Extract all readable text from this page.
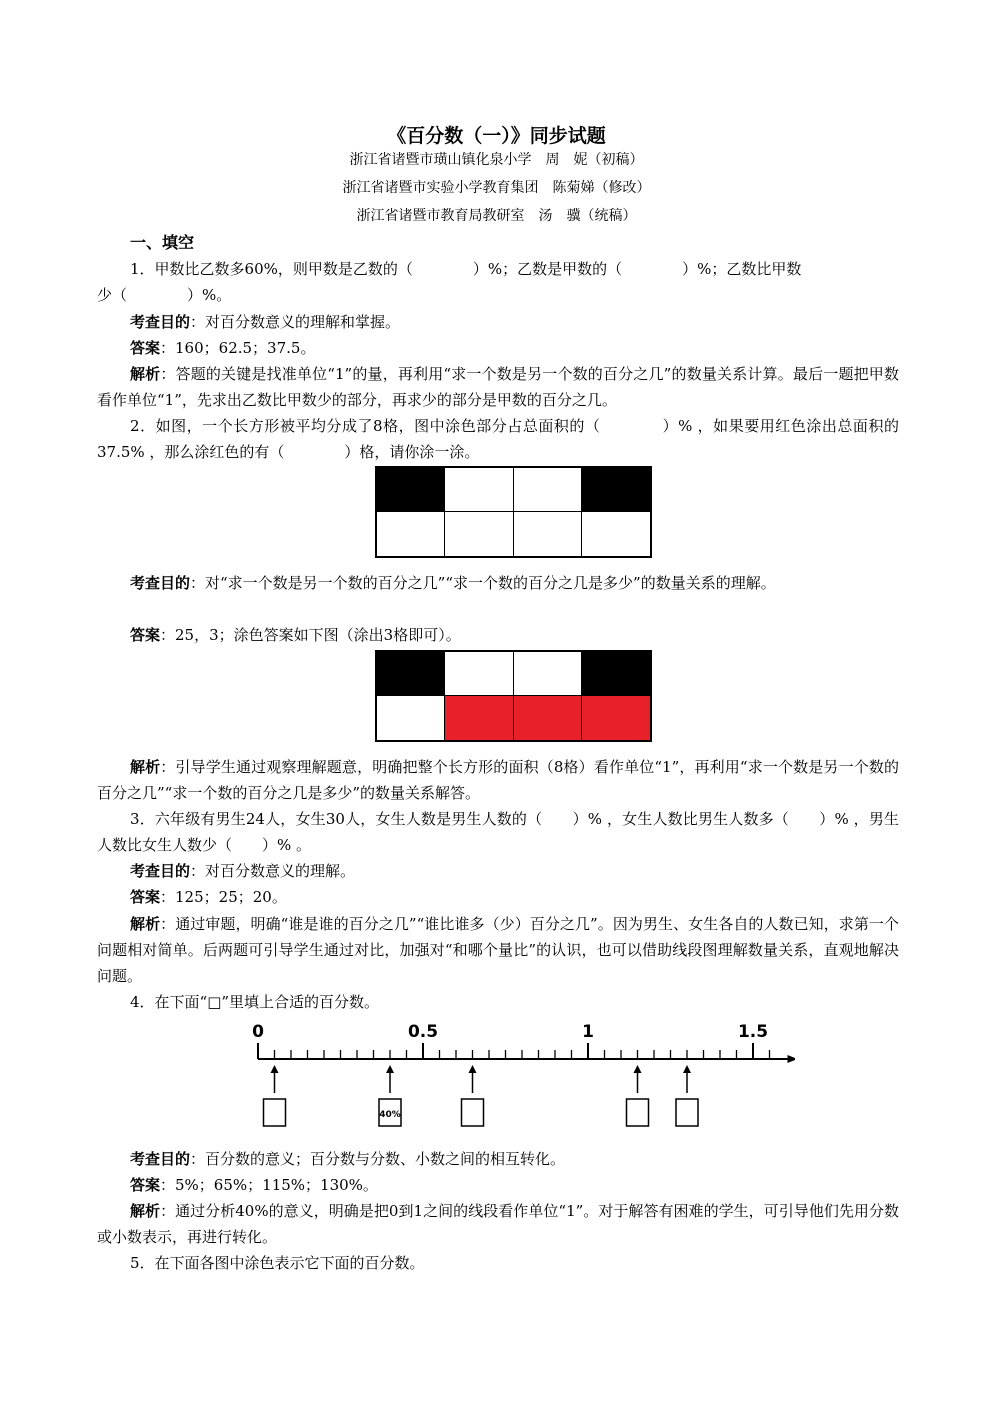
《百分数（一）》同步试题
浙江省诸暨市璜山镇化泉小学　周　妮（初稿）
浙江省诸暨市实验小学教育集团　陈菊娣（修改）
浙江省诸暨市教育局教研室　汤　骥（统稿）
一、填空

1．甲数比乙数多60%，则甲数是乙数的（　　　　）%；乙数是甲数的（　　　　）%；乙数比甲数

少（　　　　）%。

考查目的：对百分数意义的理解和掌握。

答案：160；62.5；37.5。

解析：答题的关键是找准单位“1”的量，再利用“求一个数是另一个数的百分之几”的数量关系计算。最后一题把甲数看作单位“1”，先求出乙数比甲数少的部分，再求少的部分是甲数的百分之几。

2．如图，一个长方形被平均分成了8格，图中涂色部分占总面积的（　　　　）% ，如果要用红色涂出总面积的37.5% ，那么涂红色的有（　　　　）格，请你涂一涂。

考查目的：对“求一个数是另一个数的百分之几”“求一个数的百分之几是多少”的数量关系的理解。

答案：25，3；涂色答案如下图（涂出3格即可）。

解析：引导学生通过观察理解题意，明确把整个长方形的面积（8格）看作单位“1”，再利用“求一个数是另一个数的百分之几”“求一个数的百分之几是多少”的数量关系解答。

3．六年级有男生24人，女生30人，女生人数是男生人数的（　　）% ，女生人数比男生人数多（　　）% ，男生人数比女生人数少（　　）% 。

考查目的：对百分数意义的理解。

答案：125；25；20。

解析：通过审题，明确“谁是谁的百分之几”“谁比谁多（少）百分之几”。因为男生、女生各自的人数已知，求第一个问题相对简单。后两题可引导学生通过对比，加强对“和哪个量比”的认识，也可以借助线段图理解数量关系，直观地解决问题。

4．在下面“□”里填上合适的百分数。

0	0.5	1	1.5
40%

考查目的：百分数的意义；百分数与分数、小数之间的相互转化。

答案：5%；65%；115%；130%。

解析：通过分析40%的意义，明确是把0到1之间的线段看作单位“1”。对于解答有困难的学生，可引导他们先用分数或小数表示，再进行转化。

5．在下面各图中涂色表示它下面的百分数。
